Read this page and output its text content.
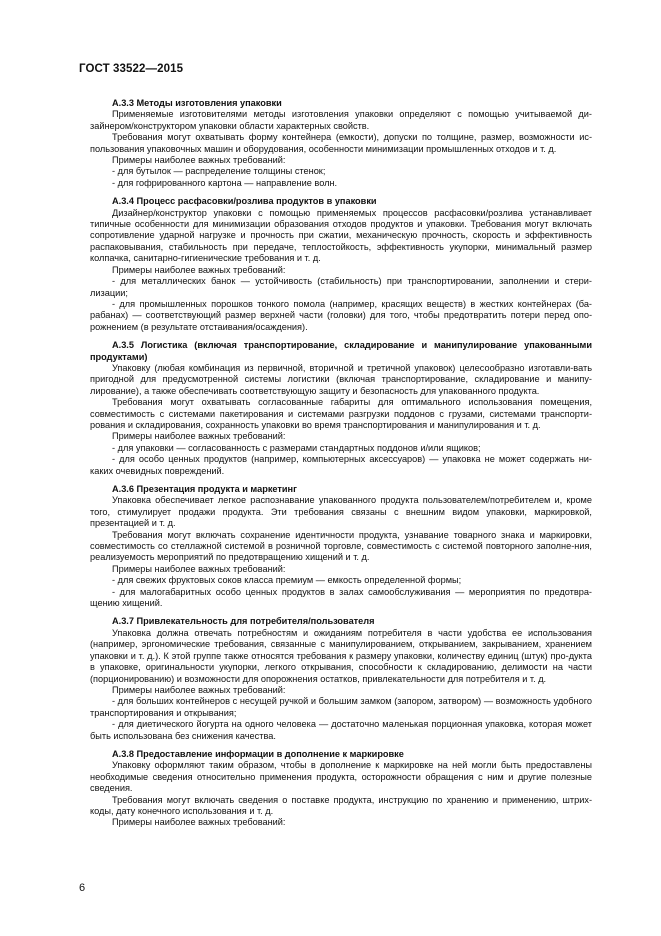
ГОСТ 33522—2015
А.3.3 Методы изготовления упаковки
Применяемые изготовителями методы изготовления упаковки определяют с помощью учитываемой ди-зайнером/конструктором упаковки области характерных свойств.
Требования могут охватывать форму контейнера (емкости), допуски по толщине, размер, возможности ис-пользования упаковочных машин и оборудования, особенности минимизации промышленных отходов и т. д.
Примеры наиболее важных требований:
- для бутылок — распределение толщины стенок;
- для гофрированного картона — направление волн.
А.3.4 Процесс расфасовки/розлива продуктов в упаковки
Дизайнер/конструктор упаковки с помощью применяемых процессов расфасовки/розлива устанавливает типичные особенности для минимизации образования отходов продуктов и упаковки. Требования могут включать сопротивление ударной нагрузке и прочность при сжатии, механическую прочность, скорость и эффективность распаковывания, стабильность при передаче, теплостойкость, эффективность укупорки, минимальный размер колпачка, санитарно-гигиенические требования и т. д.
Примеры наиболее важных требований:
- для металлических банок — устойчивость (стабильность) при транспортировании, заполнении и стери-лизации;
- для промышленных порошков тонкого помола (например, красящих веществ) в жестких контейнерах (ба-рабанах) — соответствующий размер верхней части (головки) для того, чтобы предотвратить потери перед опо-рожнением (в результате отстаивания/осаждения).
А.3.5 Логистика (включая транспортирование, складирование и манипулирование упакованными продуктами)
Упаковку (любая комбинация из первичной, вторичной и третичной упаковок) целесообразно изготавли-вать пригодной для предусмотренной системы логистики (включая транспортирование, складирование и манипу-лирование), а также обеспечивать соответствующую защиту и безопасность для упакованного продукта.
Требования могут охватывать согласованные габариты для оптимального использования помещения, совместимость с системами пакетирования и системами разгрузки поддонов с грузами, системами транспорти-рования и складирования, сохранность упаковки во время транспортирования и манипулирования и т. д.
Примеры наиболее важных требований:
- для упаковки — согласованность с размерами стандартных поддонов и/или ящиков;
- для особо ценных продуктов (например, компьютерных аксессуаров) — упаковка не может содержать ни-каких очевидных повреждений.
А.3.6 Презентация продукта и маркетинг
Упаковка обеспечивает легкое распознавание упакованного продукта пользователем/потребителем и, кроме того, стимулирует продажи продукта. Эти требования связаны с внешним видом упаковки, маркировкой, презентацией и т. д.
Требования могут включать сохранение идентичности продукта, узнавание товарного знака и маркировки, совместимость со стеллажной системой в розничной торговле, совместимость с системой повторного заполне-ния, реализуемость мероприятий по предотвращению хищений и т. д.
Примеры наиболее важных требований:
- для свежих фруктовых соков класса премиум — емкость определенной формы;
- для малогабаритных особо ценных продуктов в залах самообслуживания — мероприятия по предотвра-щению хищений.
А.3.7 Привлекательность для потребителя/пользователя
Упаковка должна отвечать потребностям и ожиданиям потребителя в части удобства ее использования (например, эргономические требования, связанные с манипулированием, открыванием, закрыванием, хранением упаковки и т. д.). К этой группе также относятся требования к размеру упаковки, количеству единиц (штук) про-дукта в упаковке, оригинальности укупорки, легкого открывания, способности к складированию, делимости на части (порционированию) и возможности для опорожнения остатков, привлекательности для потребителя и т. д.
Примеры наиболее важных требований:
- для больших контейнеров с несущей ручкой и большим замком (запором, затвором) — возможность удобного транспортирования и открывания;
- для диетического йогурта на одного человека — достаточно маленькая порционная упаковка, которая может быть использована без снижения качества.
А.3.8 Предоставление информации в дополнение к маркировке
Упаковку оформляют таким образом, чтобы в дополнение к маркировке на ней могли быть предоставлены необходимые сведения относительно применения продукта, осторожности обращения с ним и другие полезные сведения.
Требования могут включать сведения о поставке продукта, инструкцию по хранению и применению, штрих-коды, дату конечного использования и т. д.
Примеры наиболее важных требований:
6
